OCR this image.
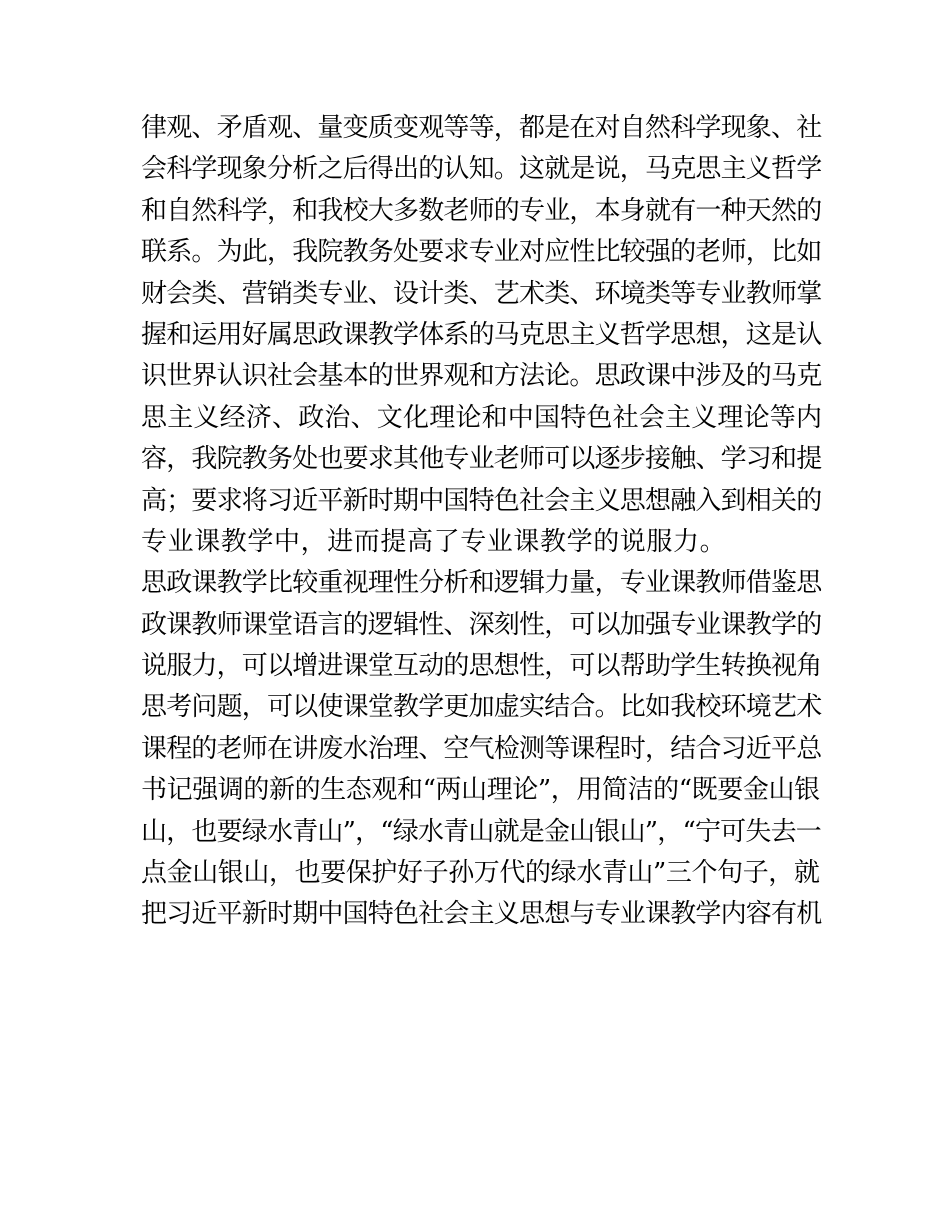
律观、矛盾观、量变质变观等等，都是在对自然科学现象、社
会科学现象分析之后得出的认知。这就是说，马克思主义哲学
和自然科学，和我校大多数老师的专业，本身就有一种天然的
联系。为此，我院教务处要求专业对应性比较强的老师，比如
财会类、营销类专业、设计类、艺术类、环境类等专业教师掌
握和运用好属思政课教学体系的马克思主义哲学思想，这是认
识世界认识社会基本的世界观和方法论。思政课中涉及的马克
思主义经济、政治、文化理论和中国特色社会主义理论等内
容，我院教务处也要求其他专业老师可以逐步接触、学习和提
高；要求将习近平新时期中国特色社会主义思想融入到相关的
专业课教学中，进而提高了专业课教学的说服力。
思政课教学比较重视理性分析和逻辑力量，专业课教师借鉴思
政课教师课堂语言的逻辑性、深刻性，可以加强专业课教学的
说服力，可以增进课堂互动的思想性，可以帮助学生转换视角
思考问题，可以使课堂教学更加虚实结合。比如我校环境艺术
课程的老师在讲废水治理、空气检测等课程时，结合习近平总
书记强调的新的生态观和“两山理论”，用简洁的“既要金山银
山，也要绿水青山”，“绿水青山就是金山银山”，“宁可失去一
点金山银山，也要保护好子孙万代的绿水青山”三个句子，就
把习近平新时期中国特色社会主义思想与专业课教学内容有机
